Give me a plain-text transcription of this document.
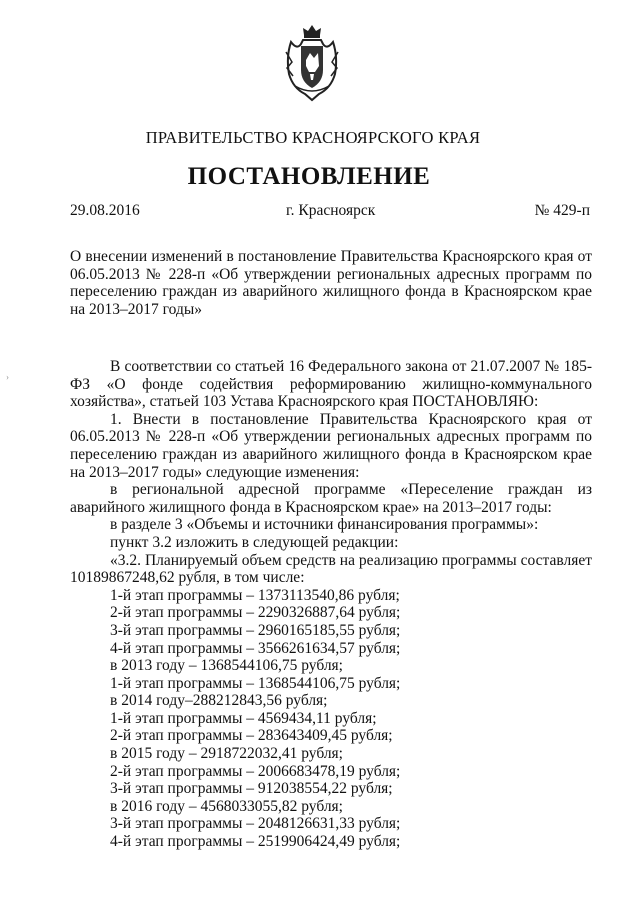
ПРАВИТЕЛЬСТВО КРАСНОЯРСКОГО КРАЯ
ПОСТАНОВЛЕНИЕ
29.08.2016	г. Красноярск	№ 429-п
О внесении изменений в постановление Правительства Красноярского края от 06.05.2013 № 228-п «Об утверждении региональных адресных программ по переселению граждан из аварийного жилищного фонда в Красноярском крае на 2013–2017 годы»
›

В соответствии со статьей 16 Федерального закона от 21.07.2007 № 185-ФЗ «О фонде содействия реформированию жилищно-коммунального хозяйства», статьей 103 Устава Красноярского края ПОСТАНОВЛЯЮ:

1. Внести в постановление Правительства Красноярского края от 06.05.2013 № 228-п «Об утверждении региональных адресных программ по переселению граждан из аварийного жилищного фонда в Красноярском крае на 2013–2017 годы» следующие изменения:

в региональной адресной программе «Переселение граждан из аварийного жилищного фонда в Красноярском крае» на 2013–2017 годы:

в разделе 3 «Объемы и источники финансирования программы»:

пункт 3.2 изложить в следующей редакции:

«3.2. Планируемый объем средств на реализацию программы составляет 10189867248,62 рубля, в том числе:

1-й этап программы – 1373113540,86 рубля;

2-й этап программы – 2290326887,64 рубля;

3-й этап программы – 2960165185,55 рубля;

4-й этап программы – 3566261634,57 рубля;

в 2013 году – 1368544106,75 рубля;

1-й этап программы – 1368544106,75 рубля;

в 2014 году–288212843,56 рубля;

1-й этап программы – 4569434,11 рубля;

2-й этап программы – 283643409,45 рубля;

в 2015 году – 2918722032,41 рубля;

2-й этап программы – 2006683478,19 рубля;

3-й этап программы – 912038554,22 рубля;

в 2016 году – 4568033055,82 рубля;

3-й этап программы – 2048126631,33 рубля;

4-й этап программы – 2519906424,49 рубля;
